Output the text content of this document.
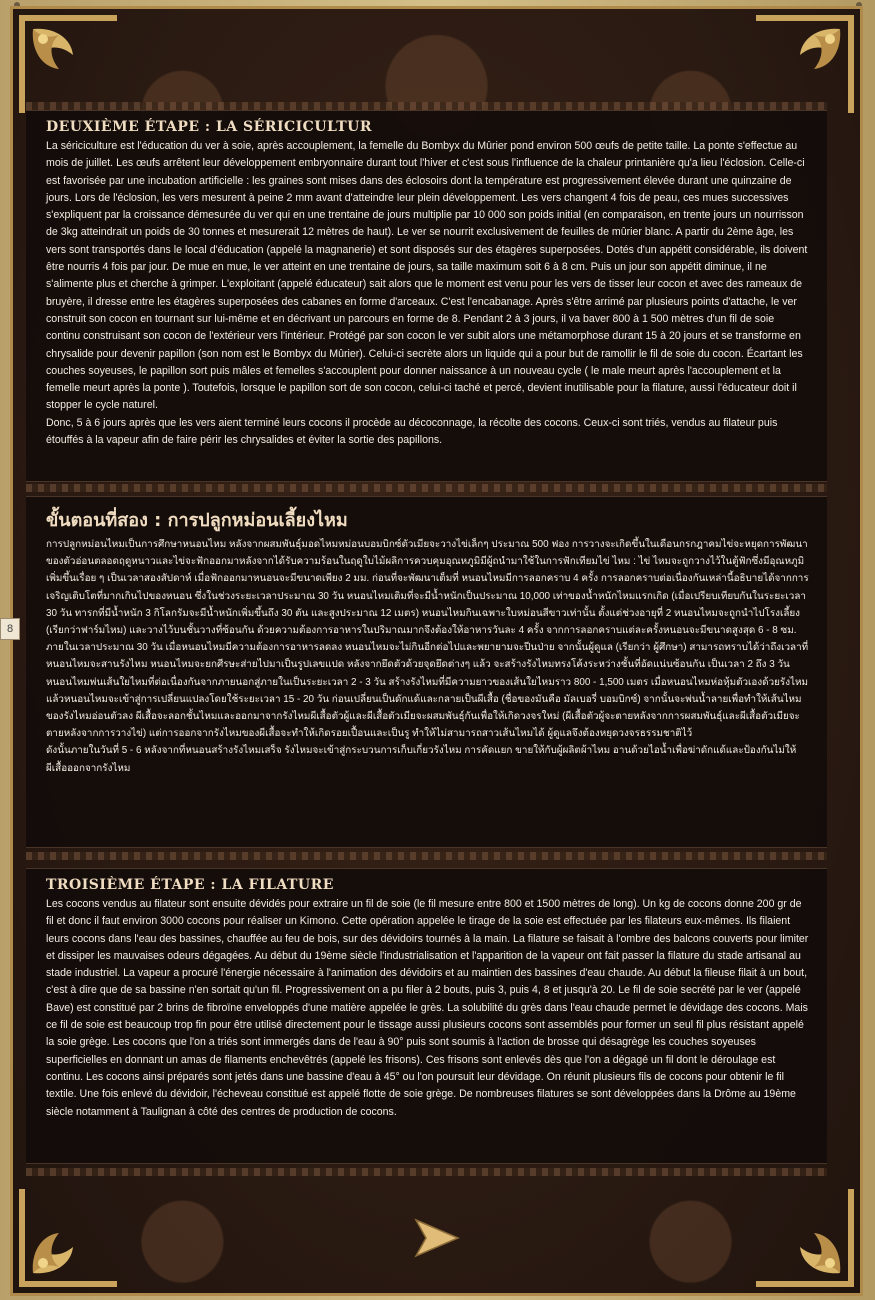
DEUXIÈME ÉTAPE : LA SÉRICICULTUR

La sériciculture est l'éducation du ver à soie, après accouplement, la femelle du Bombyx du Mûrier pond environ 500 œufs de petite taille. La ponte s'effectue au mois de juillet. Les œufs arrêtent leur développement embryonnaire durant tout l'hiver et c'est sous l'influence de la chaleur printanière qu'a lieu l'éclosion. Celle-ci est favorisée par une incubation artificielle : les graines sont mises dans des éclosoirs dont la température est progressivement élevée durant une quinzaine de jours. Lors de l'éclosion, les vers mesurent à peine 2 mm avant d'atteindre leur plein développement. Les vers changent 4 fois de peau, ces mues successives s'expliquent par la croissance démesurée du ver qui en une trentaine de jours multiplie par 10 000 son poids initial (en comparaison, en trente jours un nourrisson de 3kg atteindrait un poids de 30 tonnes et mesurerait 12 mètres de haut). Le ver se nourrit exclusivement de feuilles de mûrier blanc. A partir du 2ème âge, les vers sont transportés dans le local d'éducation (appelé la magnanerie) et sont disposés sur des étagères superposées. Dotés d'un appétit considérable, ils doivent être nourris 4 fois par jour. De mue en mue, le ver atteint en une trentaine de jours, sa taille maximum soit 6 à 8 cm. Puis un jour son appétit diminue, il ne s'alimente plus et cherche à grimper. L'exploitant (appelé éducateur) sait alors que le moment est venu pour les vers de tisser leur cocon et avec des rameaux de bruyère, il dresse entre les étagères superposées des cabanes en forme d'arceaux. C'est l'encabanage. Après s'être arrimé par plusieurs points d'attache, le ver construit son cocon en tournant sur lui-même et en décrivant un parcours en forme de 8. Pendant 2 à 3 jours, il va baver 800 à 1 500 mètres d'un fil de soie continu construisant son cocon de l'extérieur vers l'intérieur. Protégé par son cocon le ver subit alors une métamorphose durant 15 à 20 jours et se transforme en chrysalide pour devenir papillon (son nom est le Bombyx du Mûrier). Celui-ci secrète alors un liquide qui a pour but de ramollir le fil de soie du cocon. Écartant les couches soyeuses, le papillon sort puis mâles et femelles s'accouplent pour donner naissance à un nouveau cycle ( le male meurt après l'accouplement et la femelle meurt après la ponte ). Toutefois, lorsque le papillon sort de son cocon, celui-ci taché et percé, devient inutilisable pour la filature, aussi l'éducateur doit il stopper le cycle naturel.

Donc, 5 à 6 jours après que les vers aient terminé leurs cocons il procède au décoconnage, la récolte des cocons. Ceux-ci sont triés, vendus au filateur puis étouffés à la vapeur afin de faire périr les chrysalides et éviter la sortie des papillons.

ขั้นตอนที่สอง : การปลูกหม่อนเลี้ยงไหม

การปลูกหม่อนไหมเป็นการศึกษาหนอนไหม หลังจากผสมพันธุ์มอดไหมหม่อนบอมบิกซ์ตัวเมียจะวางไข่เล็กๆ ประมาณ 500 ฟอง การวางจะเกิดขึ้นในเดือนกรกฎาคมไข่จะหยุดการพัฒนาของตัวอ่อนตลอดฤดูหนาวและไข่จะฟักออกมาหลังจากได้รับความร้อนในฤดูใบไม้ผลิการควบคุมอุณหภูมิมีผู้ถนำมาใช้ในการฟักเทียมไข่ ไหม : ไข่ ไหมจะถูกวางไว้ในตู้ฟักซึ่งมีอุณหภูมิเพิ่มขึ้นเรื่อย ๆ เป็นเวลาสองสัปดาห์ เมื่อฟักออกมาหนอนจะมีขนาดเพียง 2 มม. ก่อนที่จะพัฒนาเต็มที่ หนอนไหมมีการลอกคราบ 4 ครั้ง การลอกคราบต่อเนื่องกันเหล่านี้อธิบายได้จากการเจริญเติบโตที่มากเกินไปของหนอน ซึ่งในช่วงระยะเวลาประมาณ 30 วัน หนอนไหมเติมที่จะมีน้ำหนักเป็นประมาณ 10,000 เท่าของน้ำหนักไหมแรกเกิด (เมื่อเปรียบเทียบกันในระยะเวลา 30 วัน ทารกที่มีน้ำหนัก 3 กิโลกรัมจะมีน้ำหนักเพิ่มขึ้นถึง 30 ตัน และสูงประมาณ 12 เมตร) หนอนไหมกินเฉพาะใบหม่อนสีขาวเท่านั้น ตั้งแต่ช่วงอายุที่ 2 หนอนไหมจะถูกนำไปโรงเลี้ยง (เรียกว่าฟาร์มไหม) และวางไว้บนชั้นวางที่ซ้อนกัน ด้วยความต้องการอาหารในปริมาณมากจึงต้องให้อาหารวันละ 4 ครั้ง จากการลอกคราบแต่ละครั้งหนอนจะมีขนาดสูงสุด 6 - 8 ซม. ภายในเวลาประมาณ 30 วัน เมื่อหนอนไหมมีความต้องการอาหารลดลง หนอนไหมจะไม่กินอีกต่อไปและพยายามจะปีนป่าย จากนั้นผู้ดูแล (เรียกว่า ผู้ศึกษา) สามารถทราบได้ว่าถึงเวลาที่หนอนไหมจะสานรังไหม หนอนไหมจะยกศีรษะส่ายไปมาเป็นรูปเลขแปด หลังจากยึดตัวด้วยจุดยึดต่างๆ แล้ว จะสร้างรังไหมทรงโค้งระหว่างชั้นที่อัดแน่นซ้อนกัน เป็นเวลา 2 ถึง 3 วัน หนอนไหมพ่นเส้นใยไหมที่ต่อเนื่องกันจากภายนอกสู่ภายในเป็นระยะเวลา 2 - 3 วัน สร้างรังไหมที่มีความยาวของเส้นใยไหมราว 800 - 1,500 เมตร เมื่อหนอนไหมห่อหุ้มตัวเองด้วยรังไหมแล้วหนอนไหมจะเข้าสู่การเปลี่ยนแปลงโดยใช้ระยะเวลา 15 - 20 วัน ก่อนเปลี่ยนเป็นดักแด้และกลายเป็นผีเสื้อ (ชื่อของมันคือ มัลเบอรี่ บอมบิกซ์) จากนั้นจะพ่นน้ำลายเพื่อทำให้เส้นไหมของรังไหมอ่อนตัวลง ผีเสื้อจะลอกชั้นไหมและออกมาจากรังไหมผีเสื้อตัวผู้และผีเสื้อตัวเมียจะผสมพันธุ์กันเพื่อให้เกิดวงจรใหม่ (ผีเสื้อตัวผู้จะตายหลังจากการผสมพันธุ์และผีเสื้อตัวเมียจะตายหลังจากการวางไข่) แต่การออกจากรังไหมของผีเสื้อจะทำให้เกิดรอยเปื้อนและเป็นรู ทำให้ไม่สามารถสาวเส้นไหมได้ ผู้ดูแลจึงต้องหยุดวงจรธรรมชาติไว้

ดังนั้นภายในวันที่ 5 - 6 หลังจากที่หนอนสร้างรังไหมเสร็จ รังไหมจะเข้าสู่กระบวนการเก็บเกี่ยวรังไหม การคัดแยก ขายให้กับผู้ผลิตผ้าไหม อานด้วยไอน้ำเพื่อฆ่าดักแด้และป้องกันไม่ให้ผีเสื้อออกจากรังไหม

TROISIÈME ÉTAPE : LA FILATURE

Les cocons vendus au filateur sont ensuite dévidés pour extraire un fil de soie (le fil mesure entre 800 et 1500 mètres de long). Un kg de cocons donne 200 gr de fil et donc il faut environ 3000 cocons pour réaliser un Kimono. Cette opération appelée le tirage de la soie est effectuée par les filateurs eux-mêmes. Ils filaient leurs cocons dans l'eau des bassines, chauffée au feu de bois, sur des dévidoirs tournés à la main. La filature se faisait à l'ombre des balcons couverts pour limiter et dissiper les mauvaises odeurs dégagées. Au début du 19ème siècle l'industrialisation et l'apparition de la vapeur ont fait passer la filature du stade artisanal au stade industriel. La vapeur a procuré l'énergie nécessaire à l'animation des dévidoirs et au maintien des bassines d'eau chaude. Au début la fileuse filait à un bout, c'est à dire que de sa bassine n'en sortait qu'un fil. Progressivement on a pu filer à 2 bouts, puis 3, puis 4, 8 et jusqu'à 20. Le fil de soie secrété par le ver (appelé Bave) est constitué par 2 brins de fibroïne enveloppés d'une matière appelée le grès. La solubilité du grès dans l'eau chaude permet le dévidage des cocons. Mais ce fil de soie est beaucoup trop fin pour être utilisé directement pour le tissage aussi plusieurs cocons sont assemblés pour former un seul fil plus résistant appelé la soie grège. Les cocons que l'on a triés sont immergés dans de l'eau à 90° puis sont soumis à l'action de brosse qui désagrège les couches soyeuses superficielles en donnant un amas de filaments enchevêtrés (appelé les frisons). Ces frisons sont enlevés dès que l'on a dégagé un fil dont le déroulage est continu. Les cocons ainsi préparés sont jetés dans une bassine d'eau à 45° ou l'on poursuit leur dévidage. On réunit plusieurs fils de cocons pour obtenir le fil textile. Une fois enlevé du dévidoir, l'écheveau constitué est appelé flotte de soie grège. De nombreuses filatures se sont développées dans la Drôme au 19ème siècle notamment à Taulignan à côté des centres de production de cocons.

8
